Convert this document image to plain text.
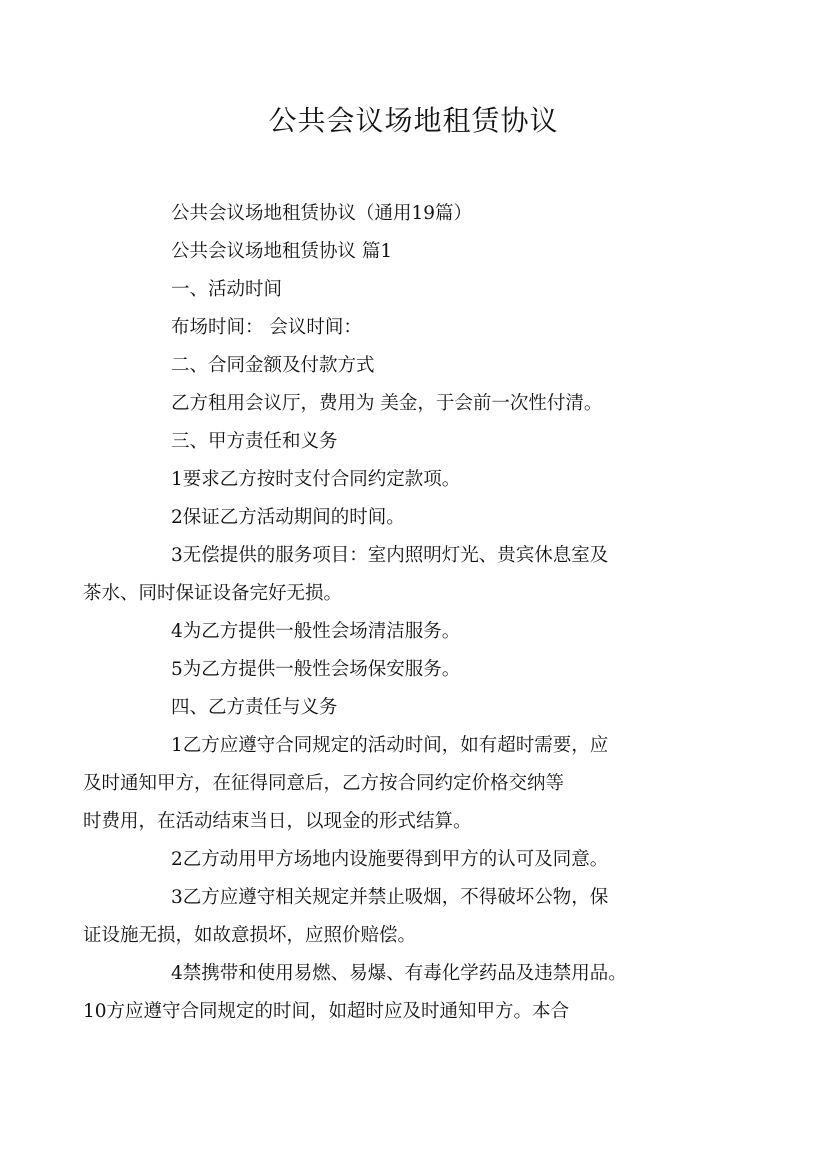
公共会议场地租赁协议

公共会议场地租赁协议（通用19篇）

公共会议场地租赁协议 篇1

一、活动时间

布场时间： 会议时间：

二、合同金额及付款方式

乙方租用会议厅，费用为 美金，于会前一次性付清。

三、甲方责任和义务

1要求乙方按时支付合同约定款项。

2保证乙方活动期间的时间。

3无偿提供的服务项目：室内照明灯光、贵宾休息室及
茶水、同时保证设备完好无损。

4为乙方提供一般性会场清洁服务。

5为乙方提供一般性会场保安服务。

四、乙方责任与义务

1乙方应遵守合同规定的活动时间，如有超时需要，应
及时通知甲方，在征得同意后，乙方按合同约定价格交纳等
时费用，在活动结束当日，以现金的形式结算。

2乙方动用甲方场地内设施要得到甲方的认可及同意。

3乙方应遵守相关规定并禁止吸烟，不得破坏公物，保
证设施无损，如故意损坏，应照价赔偿。

4禁携带和使用易燃、易爆、有毒化学药品及违禁用品。
10方应遵守合同规定的时间，如超时应及时通知甲方。本合
